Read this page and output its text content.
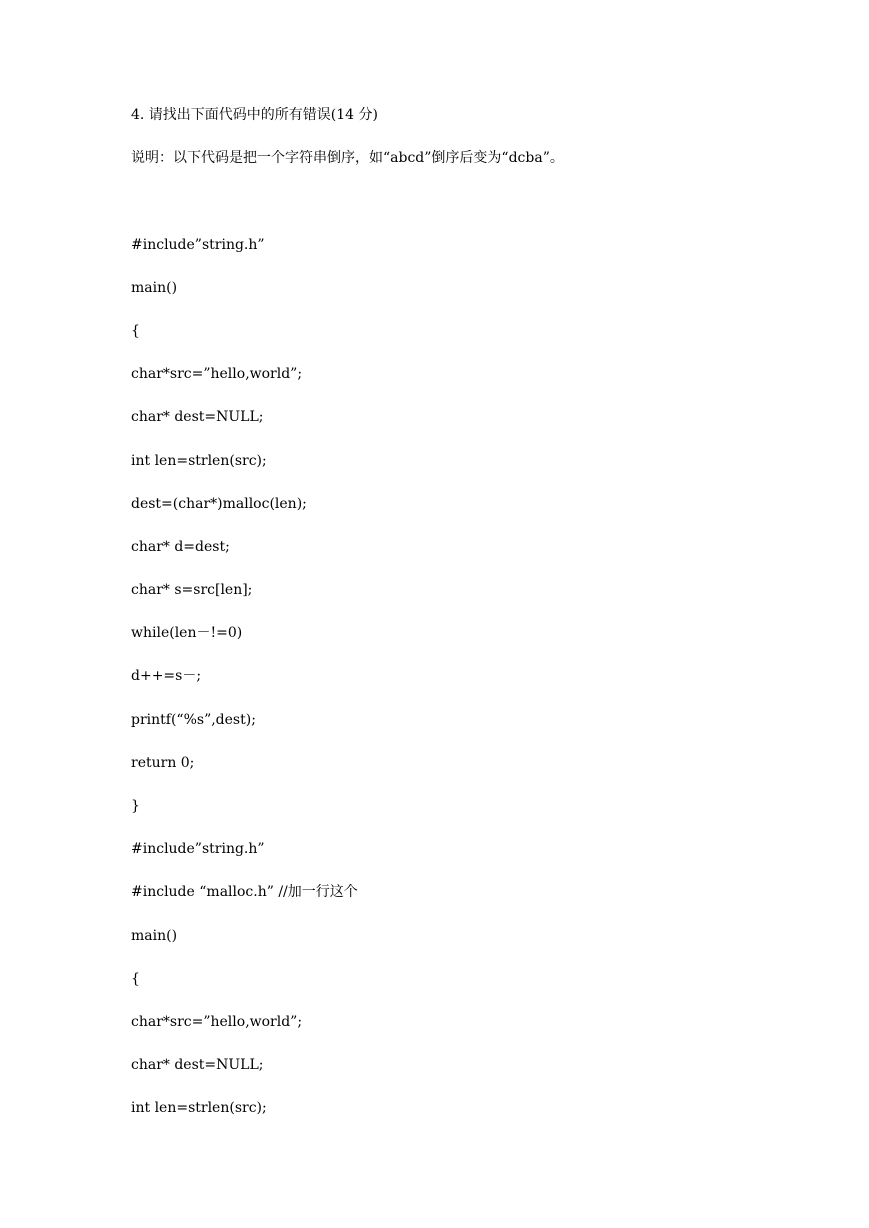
4. 请找出下面代码中的所有错误(14 分)
说明：以下代码是把一个字符串倒序，如“abcd”倒序后变为“dcba”。
#include”string.h”
main()
{
char*src=”hello,world”;
char* dest=NULL;
int len=strlen(src);
dest=(char*)malloc(len);
char* d=dest;
char* s=src[len];
while(len－!=0)
d++=s－;
printf(“%s”,dest);
return 0;
}
#include”string.h”
#include “malloc.h” //加一行这个
main()
{
char*src=”hello,world”;
char* dest=NULL;
int len=strlen(src);
